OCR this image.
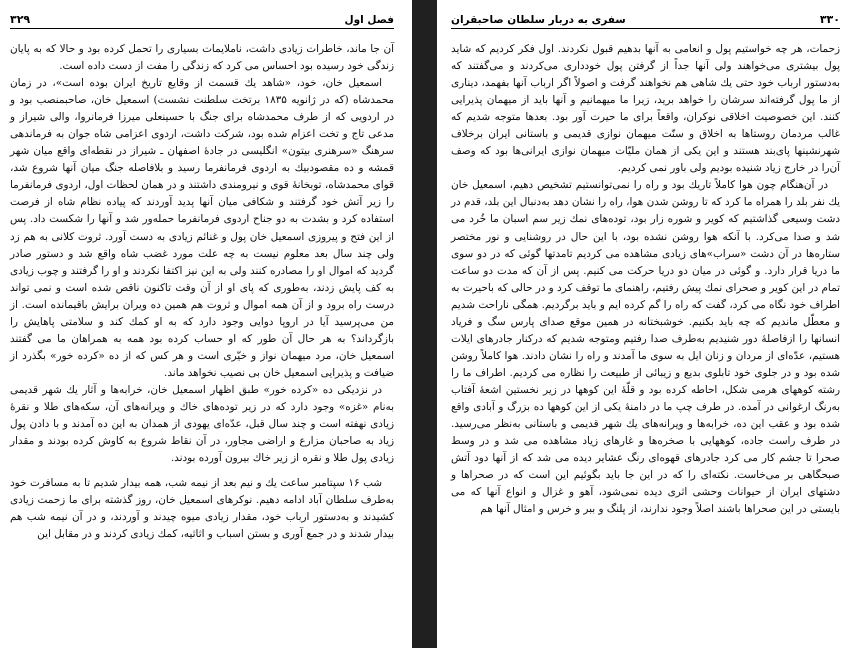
فصل اول
۳۲۹

آن جا ماند، خاطرات زیادی داشت، ناملایمات بسیاری را تحمل کرده بود و حالا که به پایان زندگی خود رسیده بود احساس می کرد که زندگی را مفت از دست داده است.

اسمعیل خان، خود، «شاهد یك قسمت از وقایع تاریخ ایران بوده است»، در زمان محمدشاه (که در ژانویه ۱۸۳۵ برتخت سلطنت نشست) اسمعیل خان، صاحبمنصب بود و در اردویی که از طرف محمدشاه برای جنگ با حسینعلی میرزا فرمانروا، والی شیراز و مدعی تاج و تخت اعزام شده بود، شرکت داشت، اردوی اعزامی شاه جوان به فرماندهی سرهنگ «سرهنری بیتون» انگلیسی در جادهٔ اصفهان ـ شیراز در نقطه‌ای واقع میان شهر قمشه و ده مقصودبیك به اردوی فرمانفرما رسید و بلافاصله جنگ میان آنها شروع شد، قوای محمدشاه، توبخانهٔ قوی و نیرومندی داشتند و در همان لحظات اول، اردوی فرمانفرما را زیر آتش خود گرفتند و شکافی میان آنها پدید آوردند که پیاده نظام شاه از فرصت استفاده کرد و بشدت به دو جناح اردوی فرمانفرما حمله‌ور شد و آنها را شکست داد. پس از این فتح و پیروزی اسمعیل خان پول و غنائم زیادی به دست آورد. ثروت کلانی به هم زد ولی چند سال بعد معلوم نیست به چه علت مورد غضب شاه واقع شد و دستور صادر گردید که اموال او را مصادره کنند ولی به این نیز اکتفا نکردند و او را گرفتند و چوب زیادی به کف پایش زدند، به‌طوری که پای او از آن وقت تاکنون ناقص شده است و نمی تواند درست راه برود و از آن همه اموال و ثروت هم همین ده ویران برایش باقیمانده است. از من می‌پرسید آیا در اروپا دوایی وجود دارد که به او کمك کند و سلامتی پاهایش را بازگرداند؟ به هر حال آن طور که او حساب کرده بود همه به همراهان ما می گفتند اسمعیل خان، مرد میهمان نواز و خیّری است و هر کس که از ده «کرده خور» بگذرد از ضیافت و پذیرایی اسمعیل خان بی نصیب نخواهد ماند.

در نزدیکی ده «کرده خور» طبق اظهار اسمعیل خان، خرابه‌ها و آثار یك شهر قدیمی به‌نام «غزه» وجود دارد که در زیر توده‌های خاك و ویرانه‌های آن، سکه‌های طلا و نقرهٔ زیادی نهفته است و چند سال قبل، عدّه‌ای یهودی از همدان به این ده آمدند و با دادن پول زیاد به صاحبان مزارع و اراضی مجاور، در آن نقاط شروع به کاوش کرده بودند و مقدار زیادی پول طلا و نقره از زیر خاك بیرون آورده بودند.

شب ۱۶ سپتامبر ساعت یك و نیم بعد از نیمه شب، همه بیدار شدیم تا به مسافرت خود به‌طرف سلطان آباد ادامه دهیم. نوکرهای اسمعیل خان، روز گذشته برای ما زحمت زیادی کشیدند و به‌دستور ارباب خود، مقدار زیادی میوه چیدند و آوردند، و در آن نیمه شب هم بیدار شدند و در جمع آوری و بستن اسباب و اثاثیه، کمك زیادی کردند و در مقابل این

۳۳۰
سفری به دربار سلطان صاحبقران

زحمات، هر چه خواستیم پول و انعامی به آنها بدهیم قبول نکردند. اول فکر کردیم که شاید پول بیشتری می‌خواهند ولی آنها جداً از گرفتن پول خودداری می‌کردند و می‌گفتند که به‌دستور ارباب خود حتی یك شاهی هم نخواهند گرفت و اصولاً اگر ارباب آنها بفهمد، دیناری از ما پول گرفته‌اند سرشان را خواهد برید، زیرا ما میهمانیم و آنها باید از میهمان پذیرایی کنند. این خصوصیت اخلاقی نوکران، واقعاً برای ما حیرت آور بود. بعدها متوجه شدیم که غالب مردمان روستاها به اخلاق و سنّت میهمان نوازی قدیمی و باستانی ایران برخلاف شهرنشینها پای‌بند هستند و این یکی از همان ملیّات میهمان نوازی ایرانی‌ها بود که وصف آن‌را در خارج زیاد شنیده بودیم ولی باور نمی کردیم.

در آن‌هنگام چون هوا کاملاً تاریك بود و راه را نمی‌توانستیم تشخیص دهیم، اسمعیل خان یك نفر بلد را همراه ما کرد که تا روشن شدن هوا، راه را نشان دهد به‌دنبال این بلد، قدم در دشت وسیعی گذاشتیم که کویر و شوره زار بود، توده‌های نمك زیر سم اسبان ما خُرد می شد و صدا می‌کرد. با آنکه هوا روشن نشده بود، با این حال در روشنایی و نور مختصر ستاره‌ها در آن دشت «سراب»های زیادی مشاهده می کردیم تامدتها گوئی که در دو سوی ما دریا قرار دارد. و گوئی در میان دو دریا حرکت می کنیم. پس از آن که مدت دو ساعت تمام در این کویر و صحرای نمك پیش رفتیم، راهنمای ما توقف کرد و در حالی که باحیرت به اطراف خود نگاه می کرد، گفت که راه را گم کرده ایم و باید برگردیم. همگی ناراحت شدیم و معطّل ماندیم که چه باید بکنیم. خوشبختانه در همین موقع صدای پارس سگ و فریاد انسانها را ازفاصلهٔ دور شنیدیم به‌طرف صدا رفتیم ومتوجه شدیم که درکنار جادرهای ایلات هستیم، عدّه‌ای از مردان و زنان ایل به سوی ما آمدند و راه را نشان دادند. هوا کاملاً روشن شده بود و در جلوی خود تابلوی بدیع و زیبائی از طبیعت را نظاره می کردیم. اطراف ما را رشته کوههای هرمی شکل، احاطه کرده بود و قلّهٔ این کوهها در زیر نخستین اشعهٔ آفتاب به‌رنگ ارغوانی در آمده. در طرف چپ ما در دامنهٔ یکی از این کوهها ده بزرگ و آبادی واقع شده بود و عقب این ده، خرابه‌ها و ویرانه‌های یك شهر قدیمی و باستانی به‌نظر می‌رسید. در طرف راست جاده، کوههایی با صخره‌ها و غارهای زیاد مشاهده می شد و در وسط صحرا تا جشم کار می کرد جادرهای قهوه‌ای رنگ عشایر دیده می شد که از آنها دود آتش صبحگاهی بر می‌خاست. نکته‌ای را که در این جا باید بگوئیم این است که در صحراها و دشتهای ایران از حیوانات وحشی اثری دیده نمی‌شود، آهو و غزال و انواع آنها که می بایستی در این صحراها باشند اصلاً وجود ندارند، از پلنگ و ببر و خرس و امثال آنها هم
